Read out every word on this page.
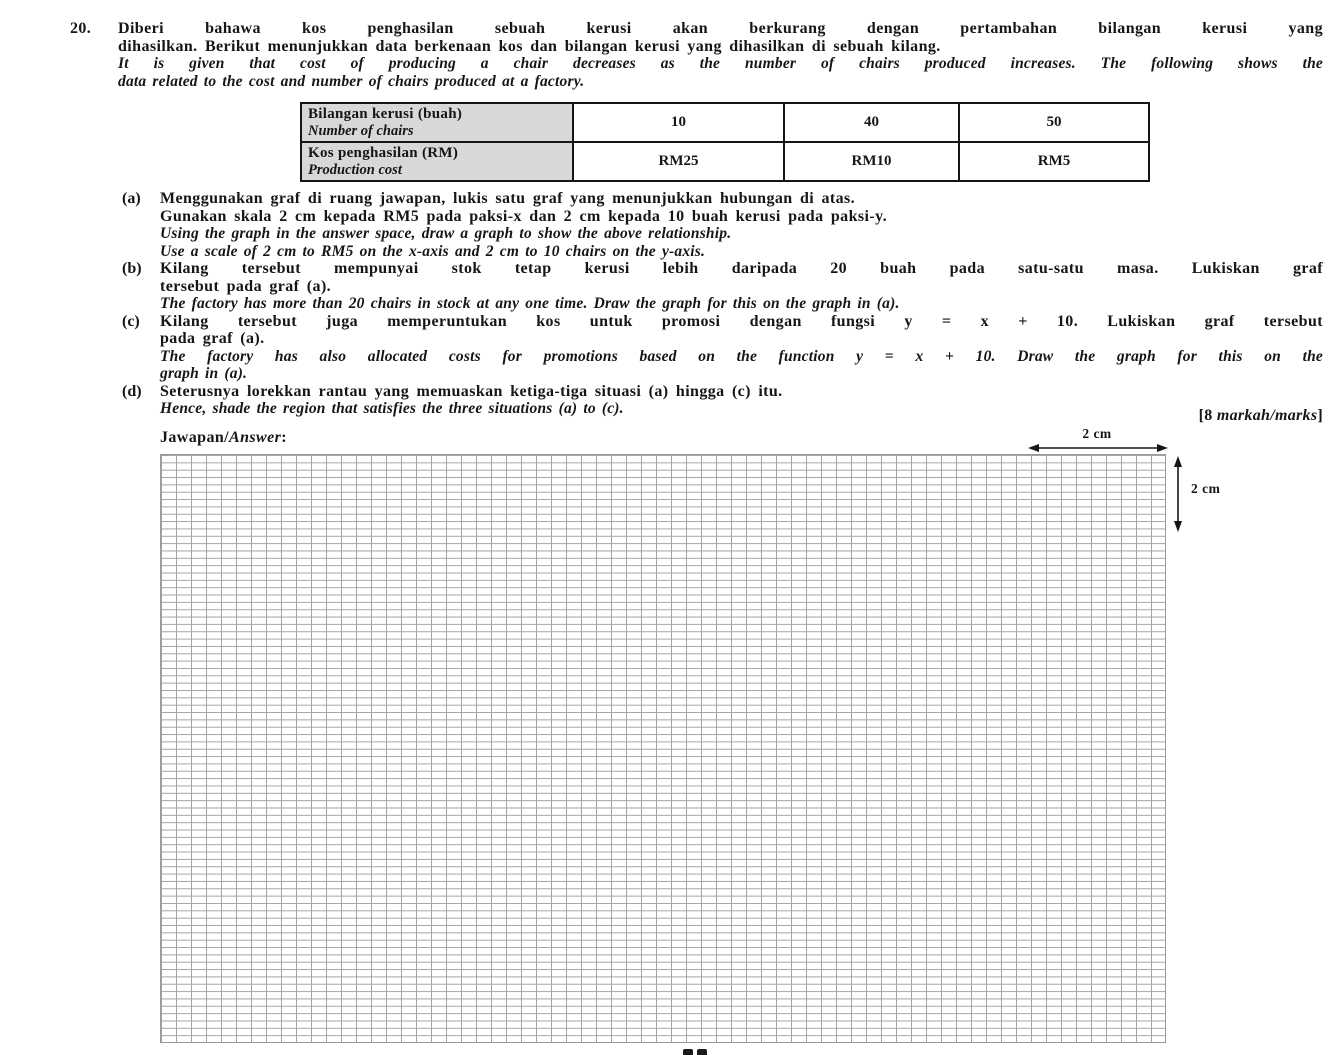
20.	Diberi bahawa kos penghasilan sebuah kerusi akan berkurang dengan pertambahan bilangan kerusi yang
dihasilkan. Berikut menunjukkan data berkenaan kos dan bilangan kerusi yang dihasilkan di sebuah kilang.
It is given that cost of producing a chair decreases as the number of chairs produced increases. The following shows the
data related to the cost and number of chairs produced at a factory.
Bilangan kerusi (buah)
Number of chairs	10	40	50

Kos penghasilan (RM)
Production cost	RM25	RM10	RM5
(a)	Menggunakan graf di ruang jawapan, lukis satu graf yang menunjukkan hubungan di atas.
Gunakan skala 2 cm kepada RM5 pada paksi-x dan 2 cm kepada 10 buah kerusi pada paksi-y.
Using the graph in the answer space, draw a graph to show the above relationship.
Use a scale of 2 cm to RM5 on the x-axis and 2 cm to 10 chairs on the y-axis.
(b)	Kilang tersebut mempunyai stok tetap kerusi lebih daripada 20 buah pada satu-satu masa. Lukiskan graf
tersebut pada graf (a).
The factory has more than 20 chairs in stock at any one time. Draw the graph for this on the graph in (a).
(c)	Kilang tersebut juga memperuntukan kos untuk promosi dengan fungsi y = x + 10. Lukiskan graf tersebut
pada graf (a).
The factory has also allocated costs for promotions based on the function y = x + 10. Draw the graph for this on the
graph in (a).
(d)	Seterusnya lorekkan rantau yang memuaskan ketiga-tiga situasi (a) hingga (c) itu.
Hence, shade the region that satisfies the three situations (a) to (c).	[8 markah/marks]
Jawapan/Answer:	2 cm
2 cm
